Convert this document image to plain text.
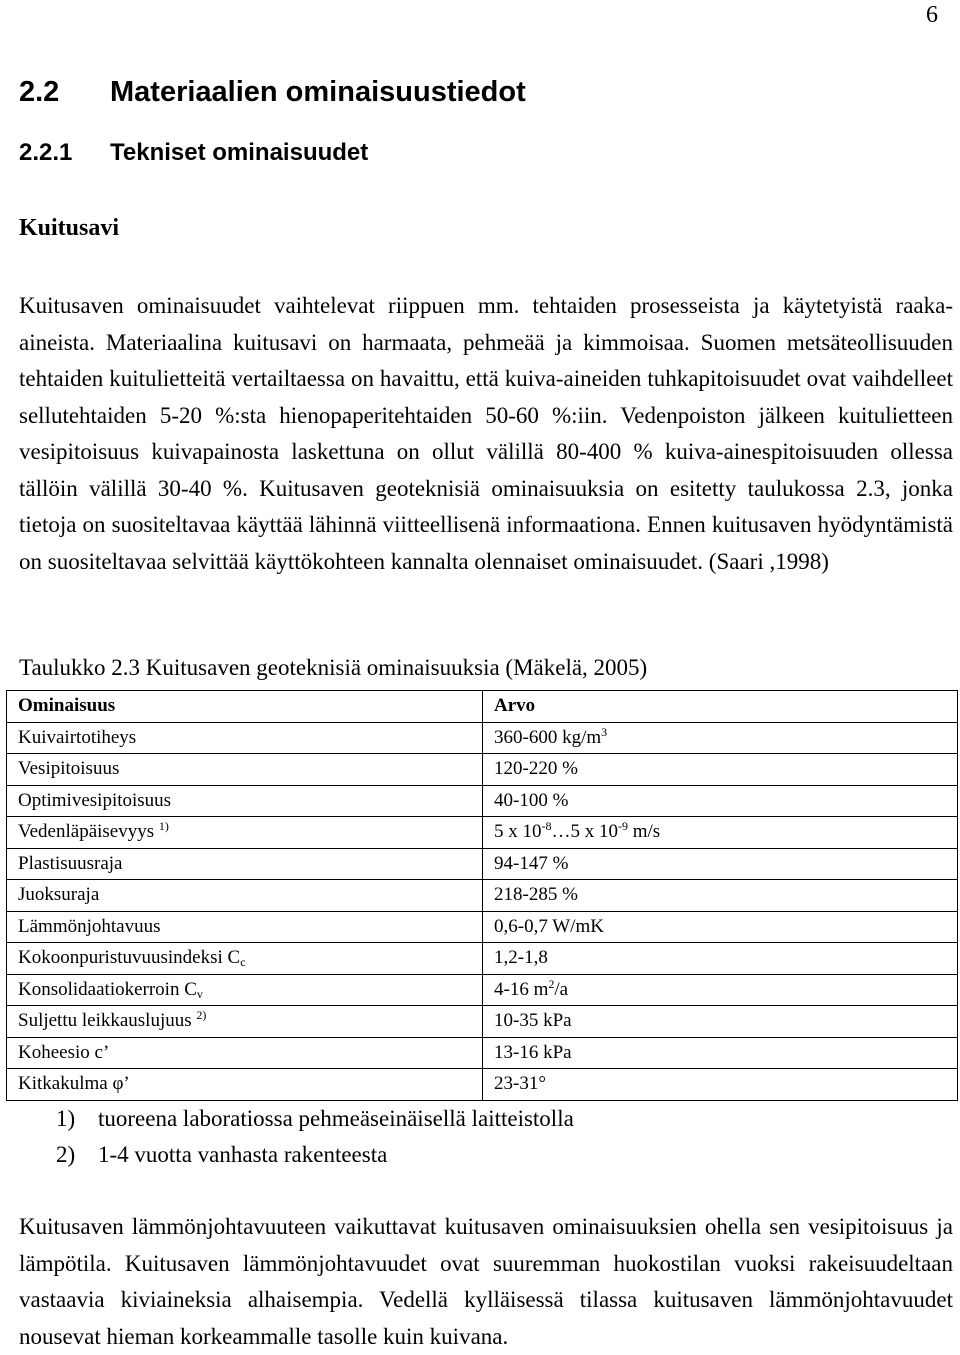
6
2.2 Materiaalien ominaisuustiedot
2.2.1 Tekniset ominaisuudet
Kuitusavi

Kuitusaven ominaisuudet vaihtelevat riippuen mm. tehtaiden prosesseista ja käytetyistä raaka-aineista. Materiaalina kuitusavi on harmaata, pehmeää ja kimmoisaa. Suomen metsäteollisuuden tehtaiden kuitulietteitä vertailtaessa on havaittu, että kuiva-aineiden tuhkapitoisuudet ovat vaihdelleet sellutehtaiden 5-20 %:sta hienopaperitehtaiden 50-60 %:iin. Vedenpoiston jälkeen kuitulietteen vesipitoisuus kuivapainosta laskettuna on ollut välillä 80-400 % kuiva-ainespitoisuuden ollessa tällöin välillä 30-40 %. Kuitusaven geoteknisiä ominaisuuksia on esitetty taulukossa 2.3, jonka tietoja on suositeltavaa käyttää lähinnä viitteellisenä informaationa. Ennen kuitusaven hyödyntämistä on suositeltavaa selvittää käyttökohteen kannalta olennaiset ominaisuudet. (Saari ,1998)

Taulukko 2.3 Kuitusaven geoteknisiä ominaisuuksia (Mäkelä, 2005)
Ominaisuus	Arvo
Kuivairtotiheys	360-600 $kg/m^3$
Vesipitoisuus	120-220 %
Optimivesipitoisuus	40-100 %
Vedenläpäisevyys $^{1)}$	5 x $10^{-8}\dots 5$ x $10^{-9}$ m/s
Plastisuusraja	94-147 %
Juoksuraja	218-285 %
Lämmönjohtavuus	0,6-0,7 W/mK
Kokoonpuristuvuusindeksi $C_c$	1,2-1,8
Konsolidaatiokerroin $C_v$	4-16 $m^2/a$
Suljettu leikkauslujuus $^{2)}$	10-35 kPa
Koheesio c’	13-16 kPa
Kitkakulma φ’	23-31°
1) tuoreena laboratiossa pehmeäseinäisellä laitteistolla
2) 1-4 vuotta vanhasta rakenteesta

Kuitusaven lämmönjohtavuuteen vaikuttavat kuitusaven ominaisuuksien ohella sen vesipitoisuus ja lämpötila. Kuitusaven lämmönjohtavuudet ovat suuremman huokostilan vuoksi rakeisuudeltaan vastaavia kiviaineksia alhaisempia. Vedellä kylläisessä tilassa kuitusaven lämmönjohtavuudet nousevat hieman korkeammalle tasolle kuin kuivana.
